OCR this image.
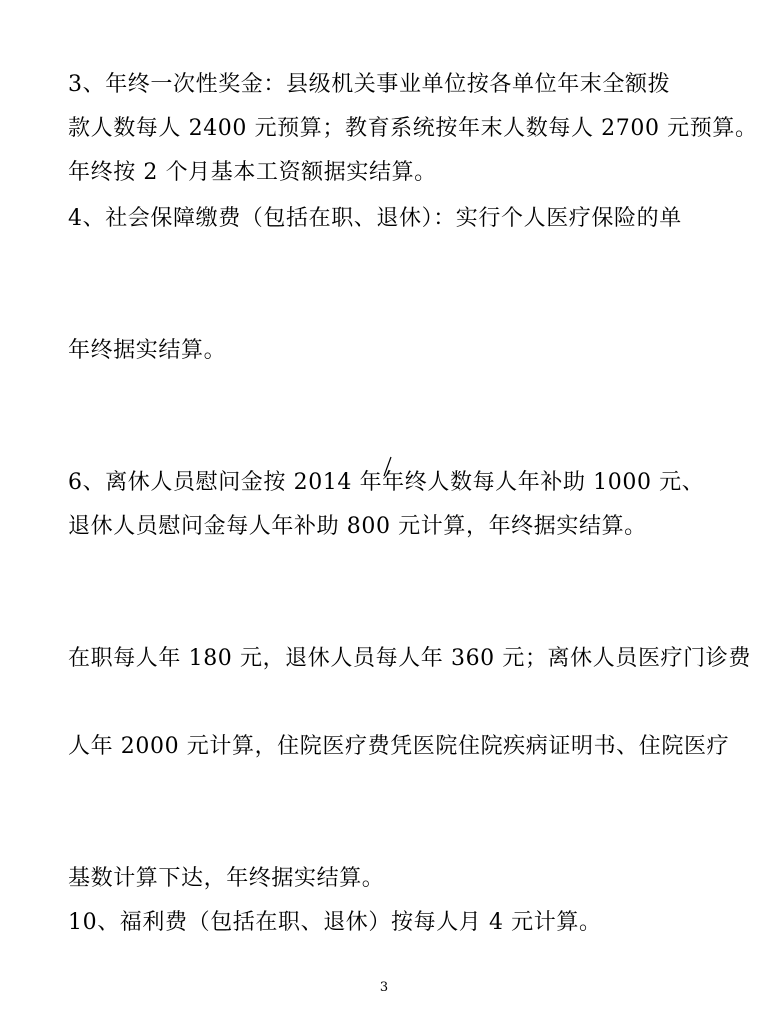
3、年终一次性奖金：县级机关事业单位按各单位年末全额拨
款人数每人 2400 元预算；教育系统按年末人数每人 2700 元预算。
年终按 2 个月基本工资额据实结算。
4、社会保障缴费（包括在职、退休）：实行个人医疗保险的单
年终据实结算。
6、离休人员慰问金按 2014 年年终人数每人年补助 1000 元、
退休人员慰问金每人年补助 800 元计算，年终据实结算。
在职每人年 180 元，退休人员每人年 360 元；离休人员医疗门诊费
人年 2000 元计算，住院医疗费凭医院住院疾病证明书、住院医疗
基数计算下达，年终据实结算。
10、福利费（包括在职、退休）按每人月 4 元计算。
3
